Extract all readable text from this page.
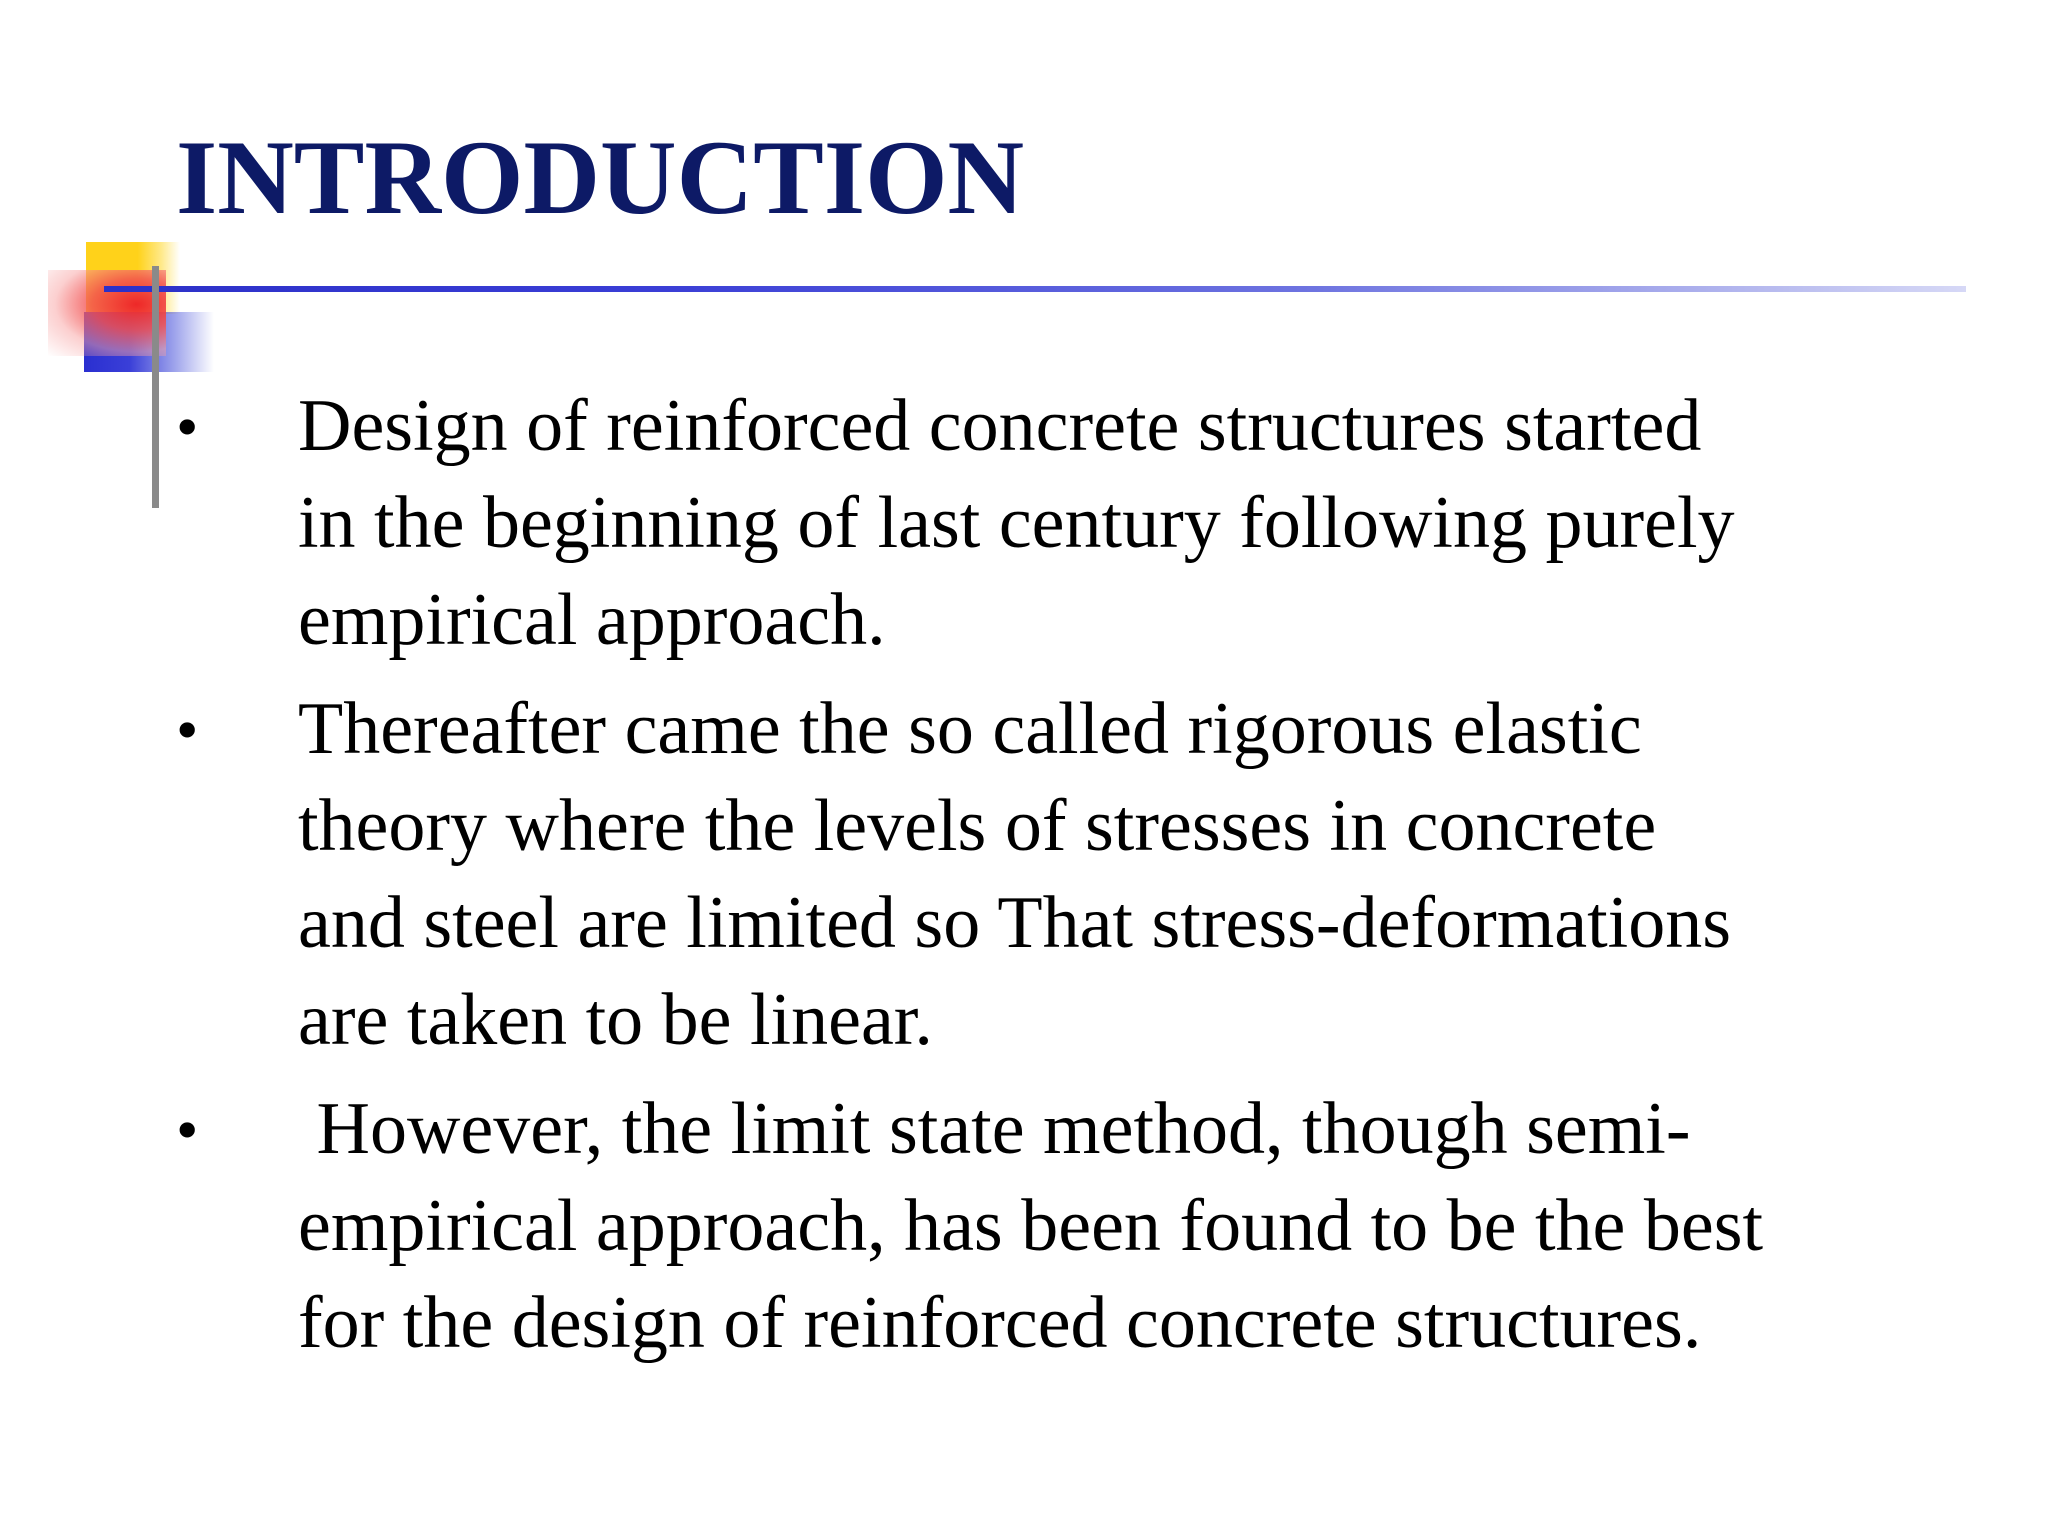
INTRODUCTION
• Design of reinforced concrete structures started
in the beginning of last century following purely
empirical approach.
• Thereafter came the so called rigorous elastic
theory where the levels of stresses in concrete
and steel are limited so That stress-deformations
are taken to be linear.
• However, the limit state method, though semi-
empirical approach, has been found to be the best
for the design of reinforced concrete structures.
